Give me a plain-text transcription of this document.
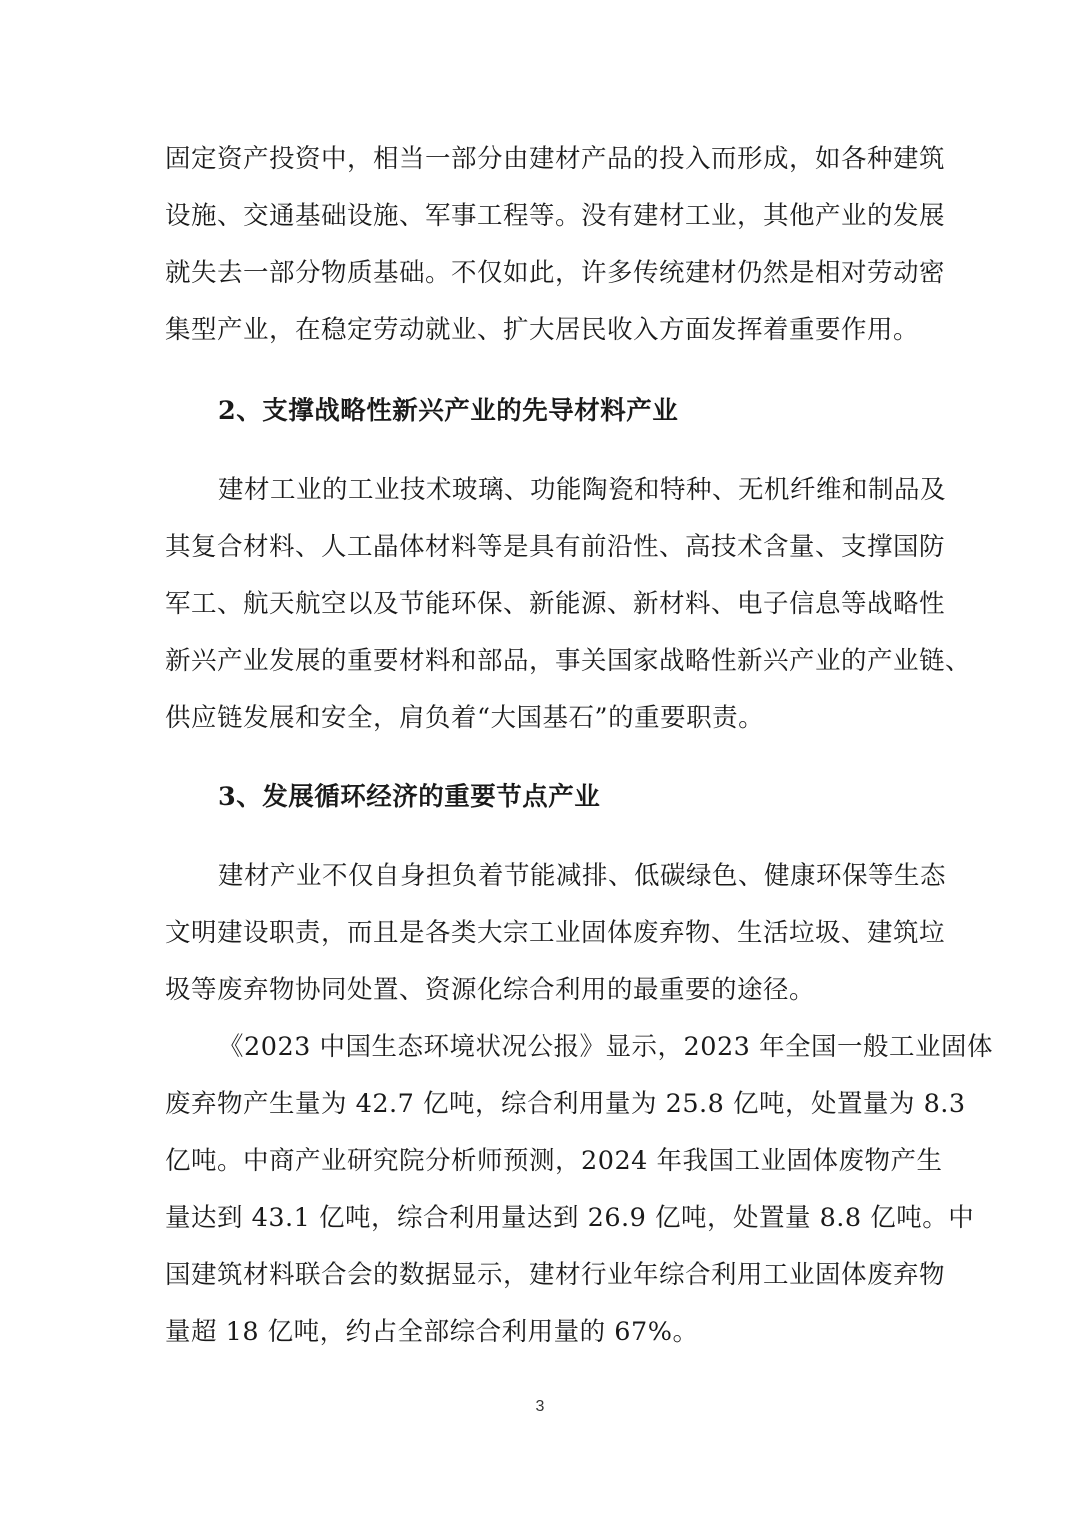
固定资产投资中，相当一部分由建材产品的投入而形成，如各种建筑
设施、交通基础设施、军事工程等。没有建材工业，其他产业的发展
就失去一部分物质基础。不仅如此，许多传统建材仍然是相对劳动密
集型产业，在稳定劳动就业、扩大居民收入方面发挥着重要作用。
2、支撑战略性新兴产业的先导材料产业
建材工业的工业技术玻璃、功能陶瓷和特种、无机纤维和制品及
其复合材料、人工晶体材料等是具有前沿性、高技术含量、支撑国防
军工、航天航空以及节能环保、新能源、新材料、电子信息等战略性
新兴产业发展的重要材料和部品，事关国家战略性新兴产业的产业链、
供应链发展和安全，肩负着“大国基石”的重要职责。
3、发展循环经济的重要节点产业
建材产业不仅自身担负着节能减排、低碳绿色、健康环保等生态
文明建设职责，而且是各类大宗工业固体废弃物、生活垃圾、建筑垃
圾等废弃物协同处置、资源化综合利用的最重要的途径。
《2023 中国生态环境状况公报》显示，2023 年全国一般工业固体
废弃物产生量为 42.7 亿吨，综合利用量为 25.8 亿吨，处置量为 8.3
亿吨。中商产业研究院分析师预测，2024 年我国工业固体废物产生
量达到 43.1 亿吨，综合利用量达到 26.9 亿吨，处置量 8.8 亿吨。中
国建筑材料联合会的数据显示，建材行业年综合利用工业固体废弃物
量超 18 亿吨，约占全部综合利用量的 67%。
3
